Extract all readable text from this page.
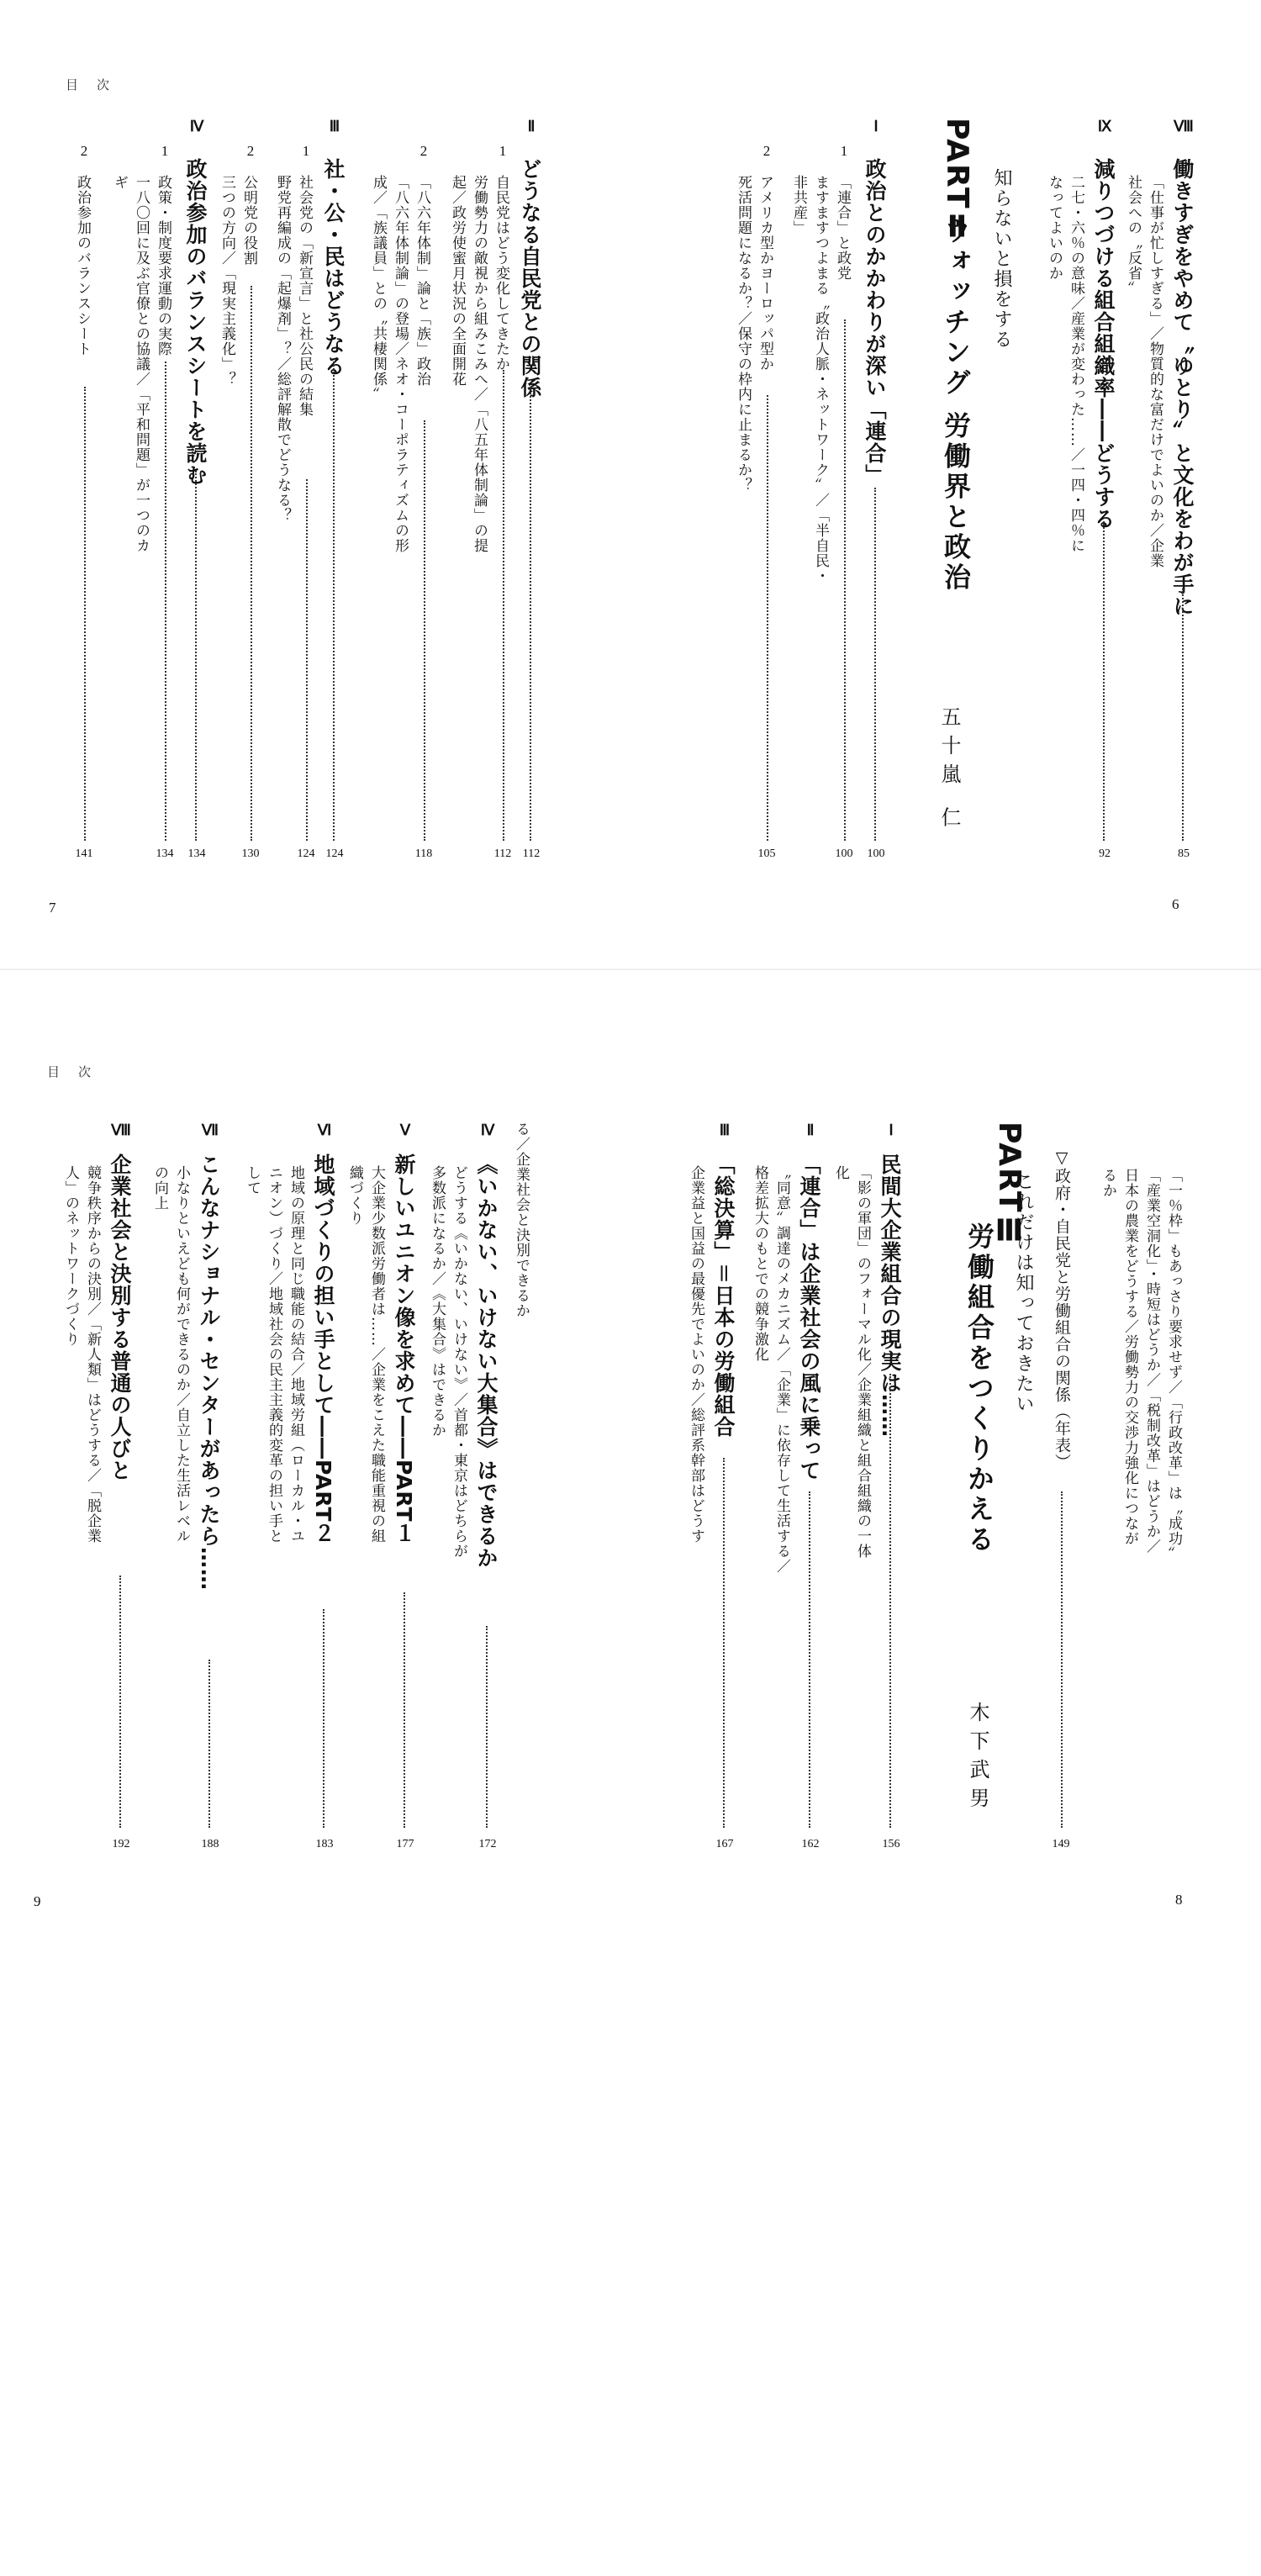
目次
7	6
Ⅷ
働きすぎをやめて〝ゆとり〟と文化をわが手に
「仕事が忙しすぎる」／物質的な富だけでよいのか／企業
社会への〝反省〟
85
Ⅸ
減りつづける組合組織率――どうする
二七・六％の意味／産業が変わった……／一四・四％に
なってよいのか
92
PARTⅡ 知らないと損をする
ウォッチング 労働界と政治
五十嵐 仁
Ⅰ
政治とのかかわりが深い「連合」
100
1
「連合」と政党
ますますつよまる〝政治人脈・ネットワーク〟／「半自民・
非共産」
100
2
アメリカ型かヨーロッパ型か
死活問題になるか？／保守の枠内に止まるか？
105
Ⅱ
どうなる自民党との関係
112
1
自民党はどう変化してきたか
労働勢力の敵視から組みこみへ／「八五年体制論」の提
起／政労使蜜月状況の全面開花
112
2
「八六年体制」論と「族」政治
「八六年体制論」の登場／ネオ・コーポラティズムの形
成／「族議員」との〝共棲関係〟
118
Ⅲ
社・公・民はどうなる
124
1
社会党の「新宣言」と社公民の結集
野党再編成の「起爆剤」？／総評解散でどうなる？
124
2
公明党の役割
三つの方向／「現実主義化」？
130
Ⅳ
政治参加のバランスシートを読む
134
1
政策・制度要求運動の実際
一八〇回に及ぶ官僚との協議／「平和問題」が一つのカ
ギ
134
2
政治参加のバランスシート
141
目次
9	8
「一％枠」もあっさり要求せず／「行政改革」は〝成功〟
「産業空洞化」・時短はどうか／「税制改革」はどうか／
日本の農業をどうする／労働勢力の交渉力強化につなが
るか
▽政府・自民党と労働組合の関係（年表）
149
PARTⅢ
これだけは知っておきたい
労働組合をつくりかえる
木下武男
Ⅰ
民間大企業組合の現実は……
「影の軍団」のフォーマル化／企業組織と組合組織の一体
化
156
Ⅱ
「連合」は企業社会の風に乗って
〝同意〟調達のメカニズム／「企業」に依存して生活する／
格差拡大のもとでの競争激化
162
Ⅲ
「総決算」＝日本の労働組合
企業益と国益の最優先でよいのか／総評系幹部はどうす
167
る／企業社会と決別できるか
Ⅳ
《いかない、いけない大集合》はできるか
どうする《いかない、いけない》／首都・東京はどちらが
多数派になるか／《大集合》はできるか
172
Ⅴ
新しいユニオン像を求めて――PART１
大企業少数派労働者は……／企業をこえた職能重視の組
織づくり
177
Ⅵ
地域づくりの担い手として――PART２
地域の原理と同じ職能の結合／地域労組（ローカル・ユ
ニオン）づくり／地域社会の民主主義的変革の担い手と
して
183
Ⅶ
こんなナショナル・センターがあったら……
小なりといえども何ができるのか／自立した生活レベル
の向上
188
Ⅷ
企業社会と決別する普通の人びと
競争秩序からの決別／「新人類」はどうする／「脱企業
人」のネットワークづくり
192
